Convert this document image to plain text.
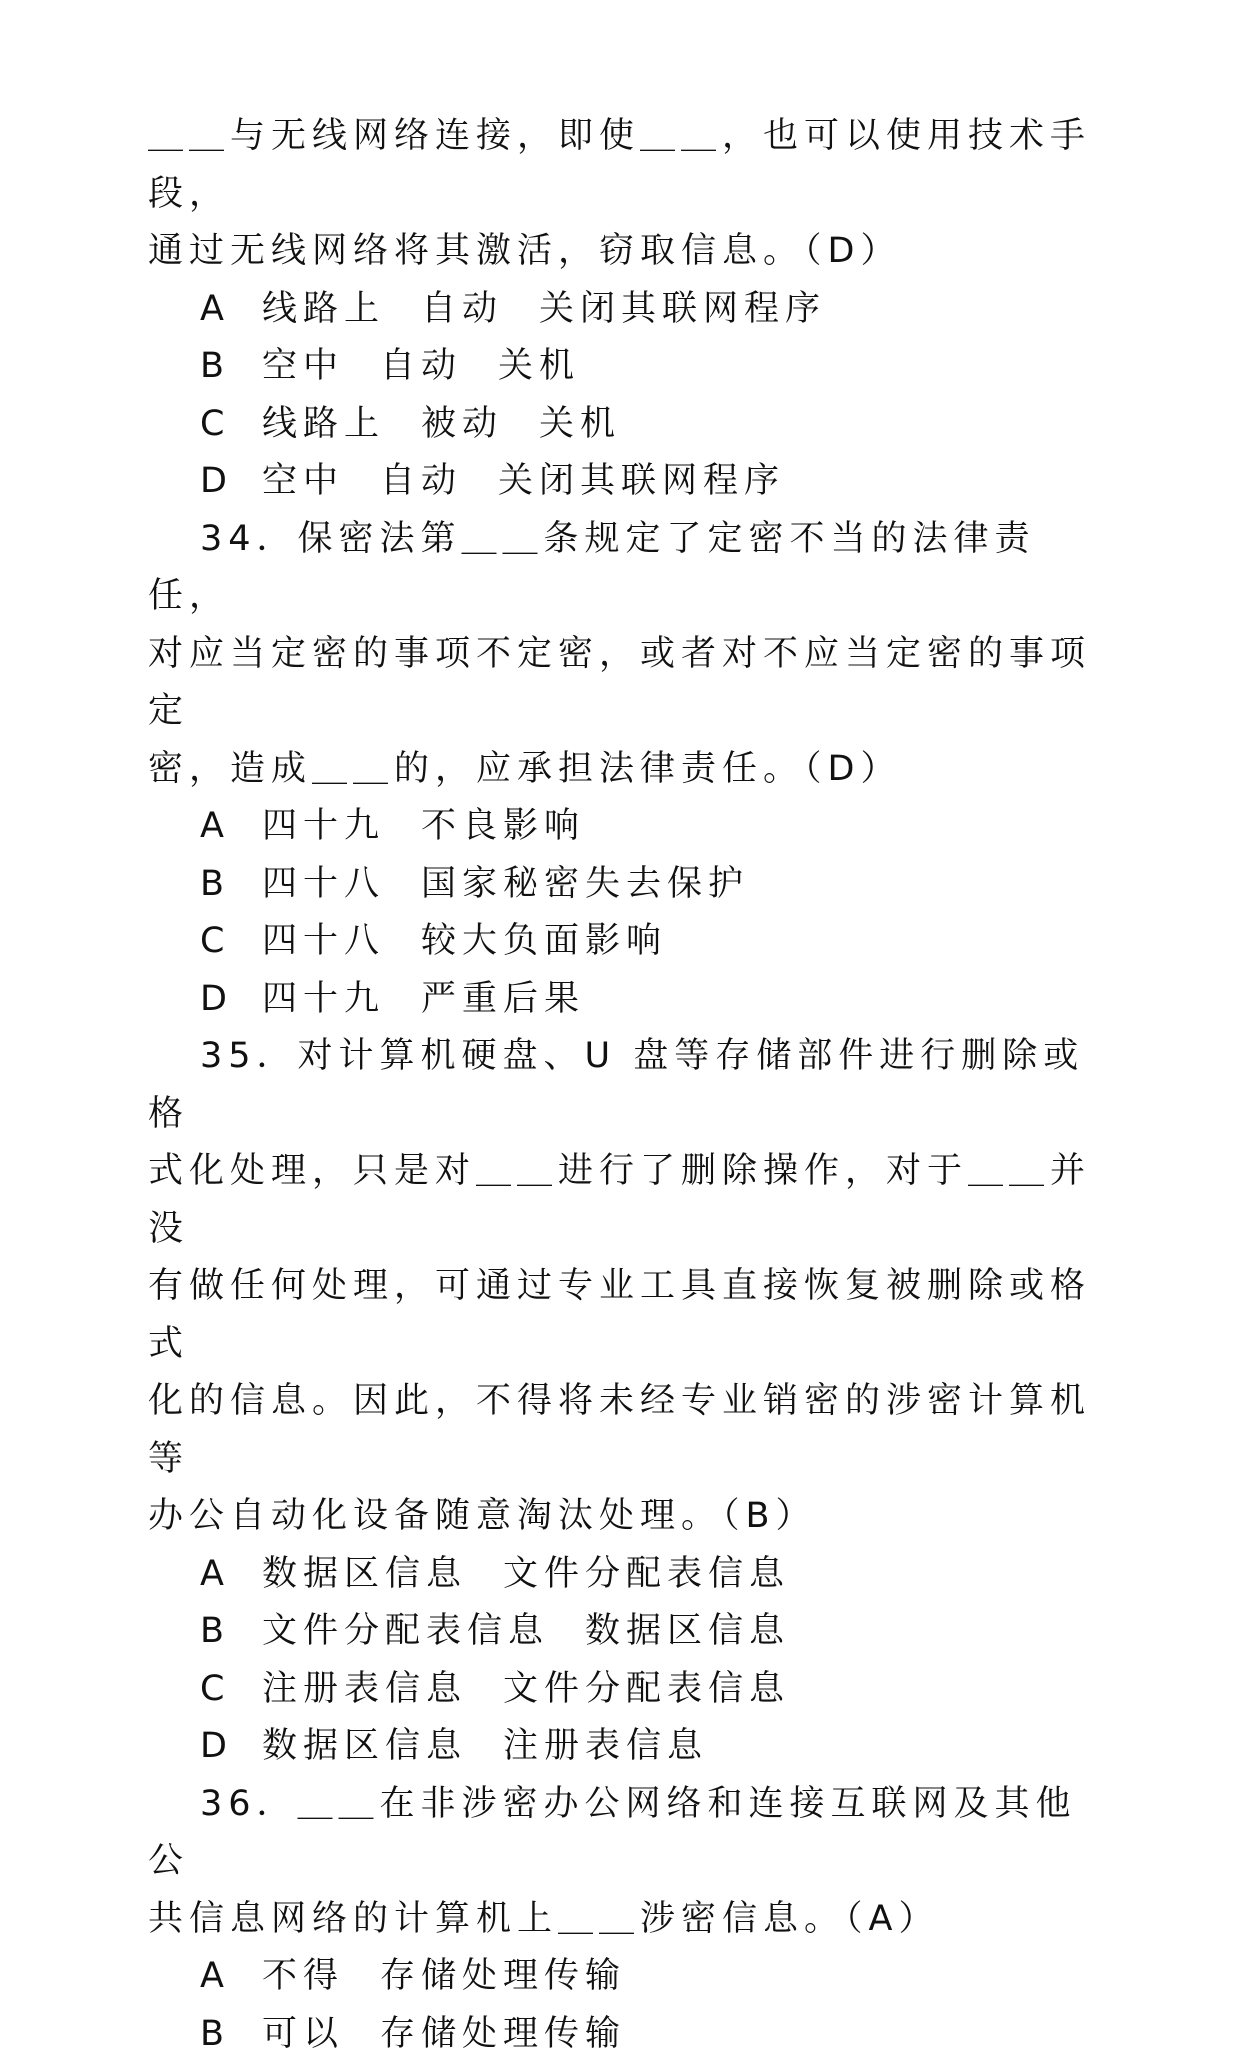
＿＿与无线网络连接，即使＿＿，也可以使用技术手段，

通过无线网络将其激活，窃取信息。（D）

A 线路上 自动 关闭其联网程序

B 空中 自动 关机

C 线路上 被动 关机

D 空中 自动 关闭其联网程序

34．保密法第＿＿条规定了定密不当的法律责任，

对应当定密的事项不定密，或者对不应当定密的事项定

密，造成＿＿的，应承担法律责任。（D）

A 四十九 不良影响

B 四十八 国家秘密失去保护

C 四十八 较大负面影响

D 四十九 严重后果

35．对计算机硬盘、U 盘等存储部件进行删除或格

式化处理，只是对＿＿进行了删除操作，对于＿＿并没

有做任何处理，可通过专业工具直接恢复被删除或格式

化的信息。因此，不得将未经专业销密的涉密计算机等

办公自动化设备随意淘汰处理。（B）

A 数据区信息 文件分配表信息

B 文件分配表信息 数据区信息

C 注册表信息 文件分配表信息

D 数据区信息 注册表信息

36．＿＿在非涉密办公网络和连接互联网及其他公

共信息网络的计算机上＿＿涉密信息。（A）

A 不得 存储处理传输

B 可以 存储处理传输
